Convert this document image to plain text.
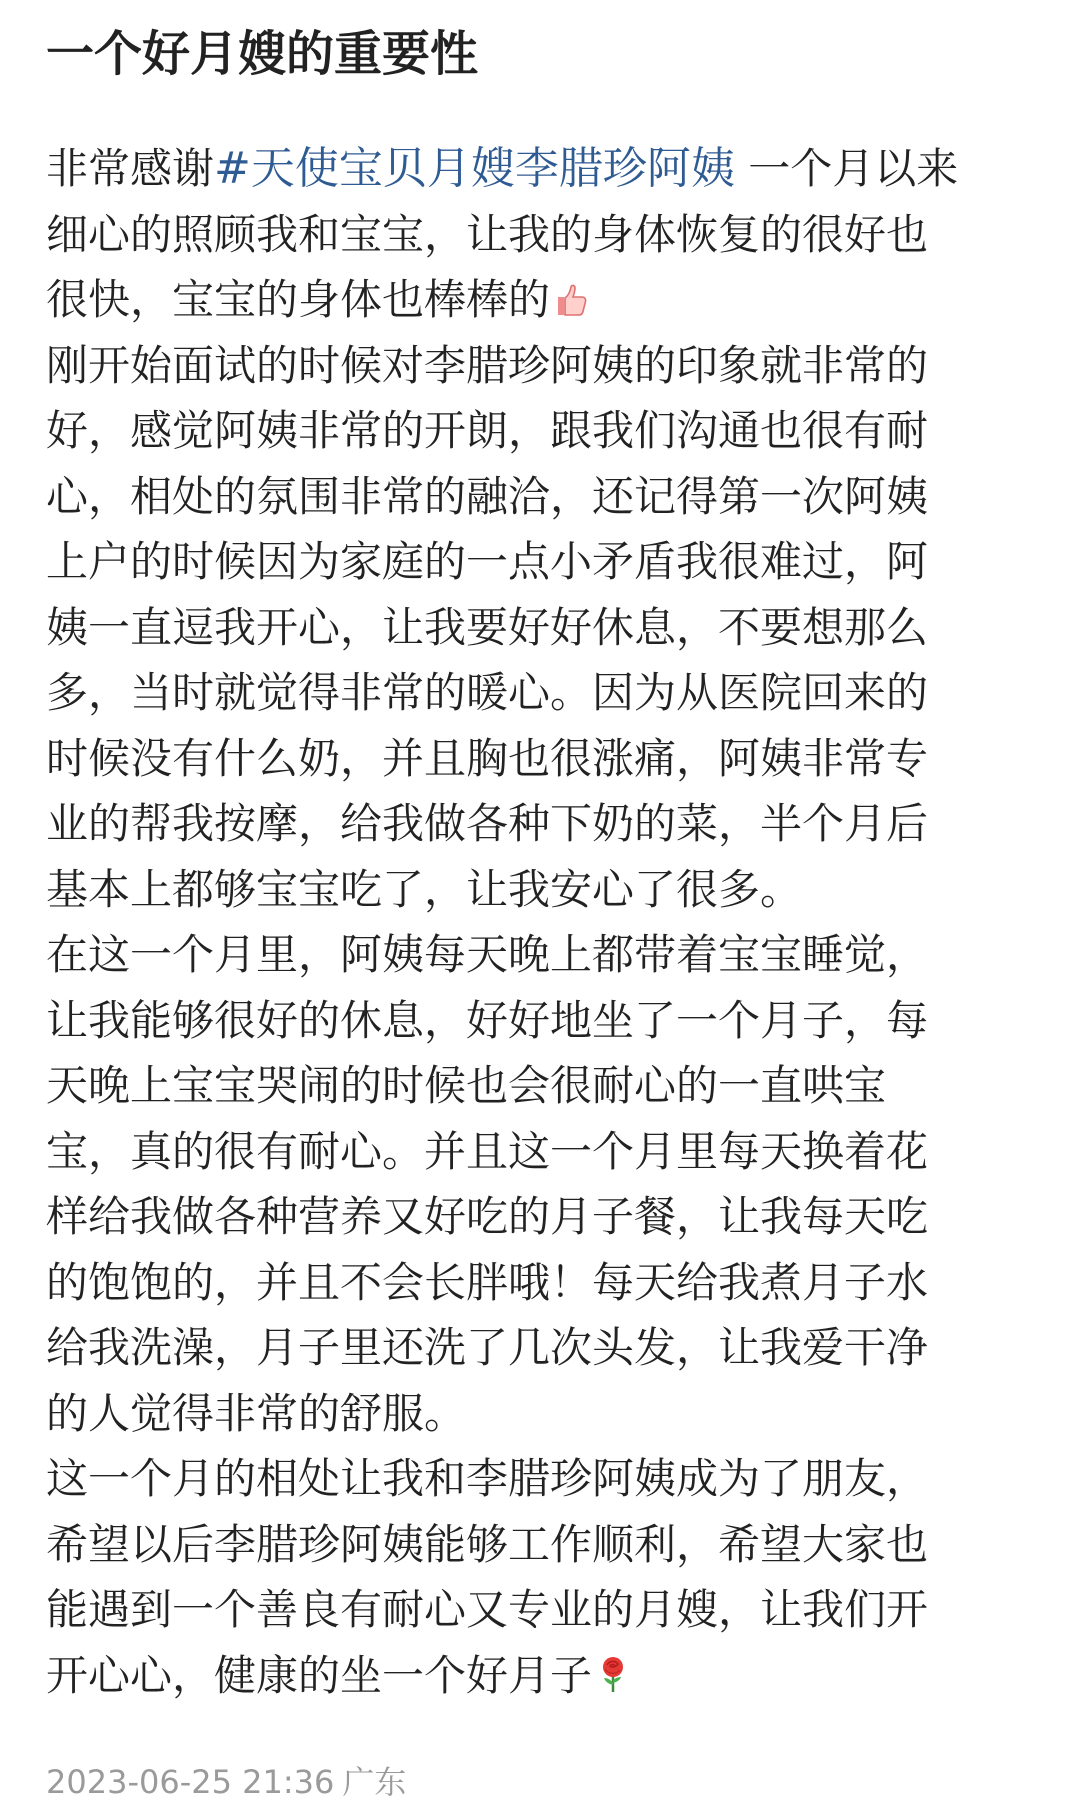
一个好月嫂的重要性
非常感谢#天使宝贝月嫂李腊珍阿姨 一个月以来
细心的照顾我和宝宝，让我的身体恢复的很好也
很快，宝宝的身体也棒棒的
刚开始面试的时候对李腊珍阿姨的印象就非常的
好，感觉阿姨非常的开朗，跟我们沟通也很有耐
心，相处的氛围非常的融洽，还记得第一次阿姨
上户的时候因为家庭的一点小矛盾我很难过，阿
姨一直逗我开心，让我要好好休息，不要想那么
多，当时就觉得非常的暖心。因为从医院回来的
时候没有什么奶，并且胸也很涨痛，阿姨非常专
业的帮我按摩，给我做各种下奶的菜，半个月后
基本上都够宝宝吃了，让我安心了很多。
在这一个月里，阿姨每天晚上都带着宝宝睡觉，
让我能够很好的休息，好好地坐了一个月子，每
天晚上宝宝哭闹的时候也会很耐心的一直哄宝
宝，真的很有耐心。并且这一个月里每天换着花
样给我做各种营养又好吃的月子餐，让我每天吃
的饱饱的，并且不会长胖哦！每天给我煮月子水
给我洗澡，月子里还洗了几次头发，让我爱干净
的人觉得非常的舒服。
这一个月的相处让我和李腊珍阿姨成为了朋友，
希望以后李腊珍阿姨能够工作顺利，希望大家也
能遇到一个善良有耐心又专业的月嫂，让我们开
开心心，健康的坐一个好月子
2023-06-25 21:36 广东
